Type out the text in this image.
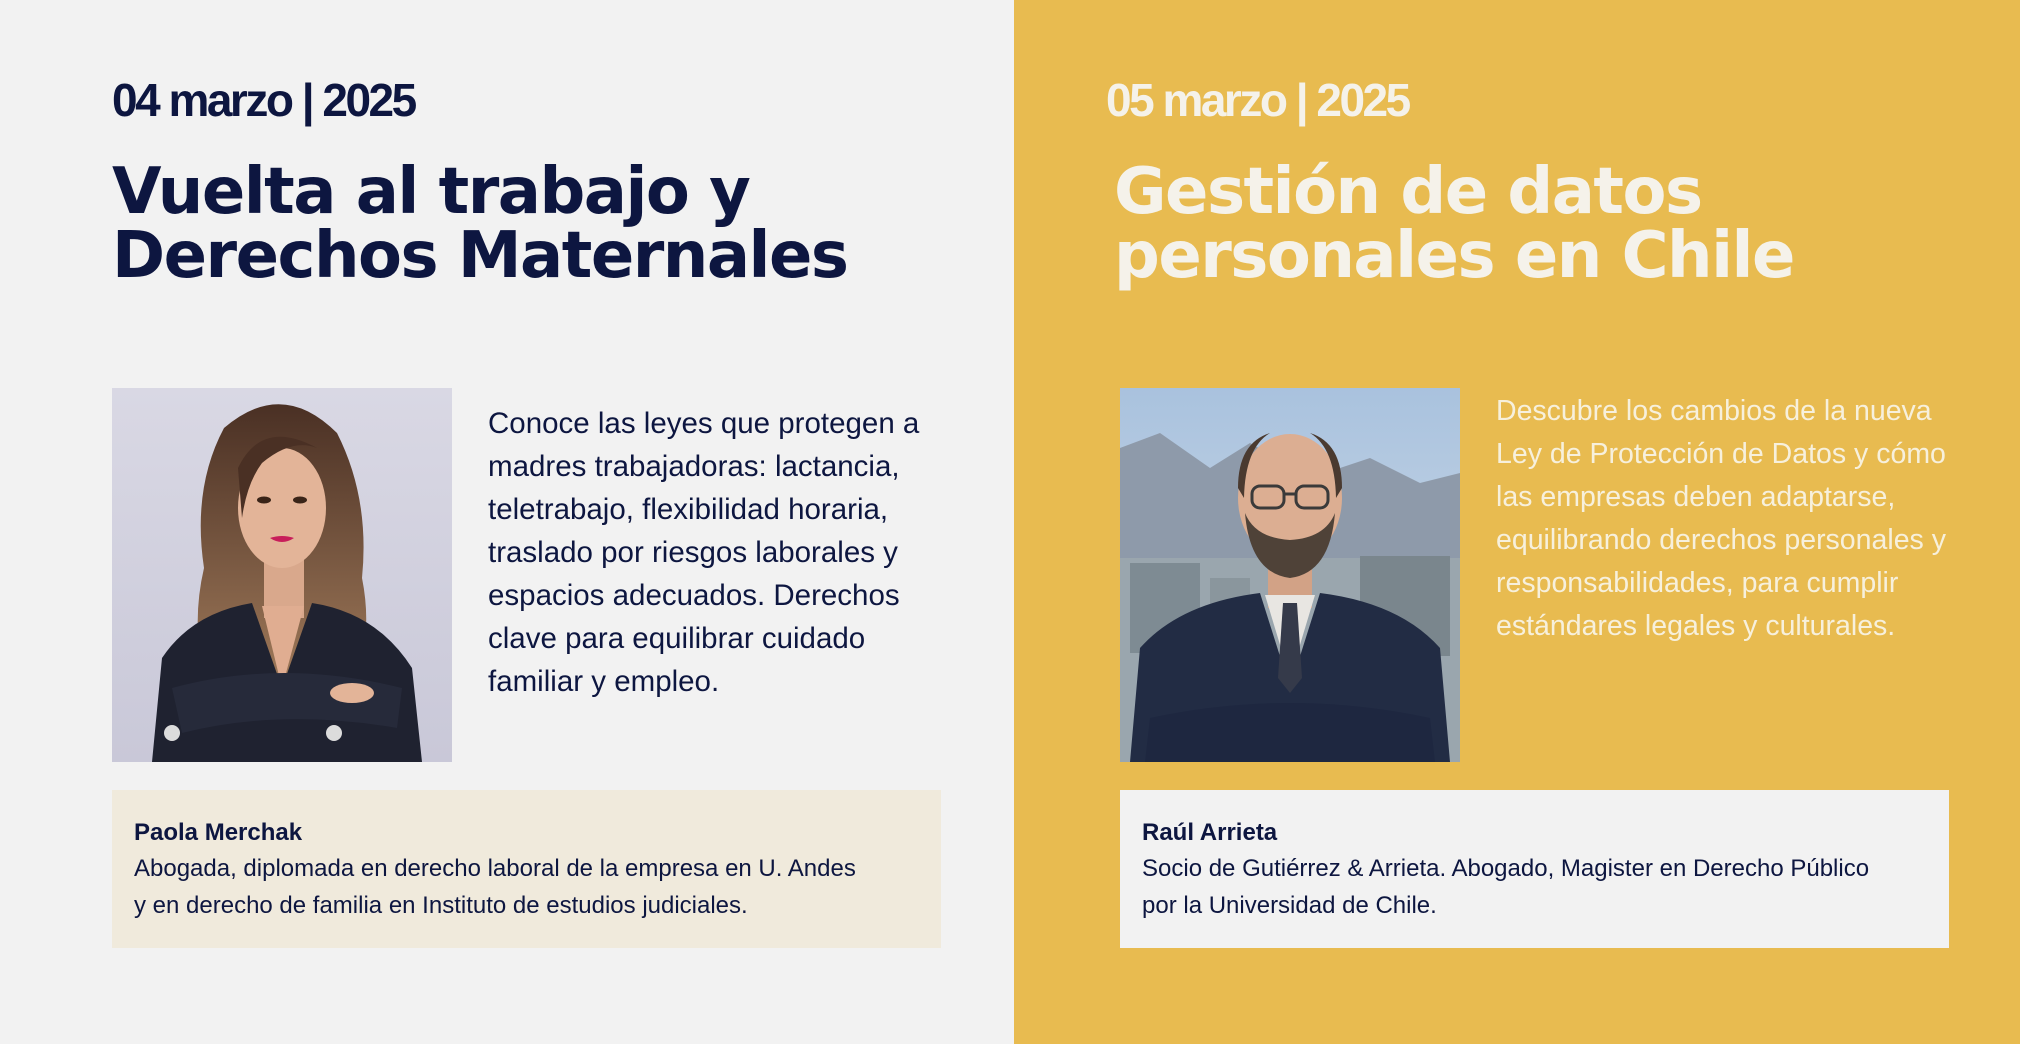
04 marzo | 2025
Vuelta al trabajo y
Derechos Maternales

Conoce las leyes que protegen a madres trabajadoras: lactancia, teletrabajo, flexibilidad horaria, traslado por riesgos laborales y espacios adecuados. Derechos clave para equilibrar cuidado familiar y empleo.

Paola Merchak
Abogada, diplomada en derecho laboral de la empresa en U. Andes
y en derecho de familia en Instituto de estudios judiciales.
05 marzo | 2025
Gestión de datos
personales en Chile

Descubre los cambios de la nueva Ley de Protección de Datos y cómo las empresas deben adaptarse, equilibrando derechos personales y responsabilidades, para cumplir estándares legales y culturales.

Raúl Arrieta
Socio de Gutiérrez & Arrieta. Abogado, Magister en Derecho Público
por la Universidad de Chile.
